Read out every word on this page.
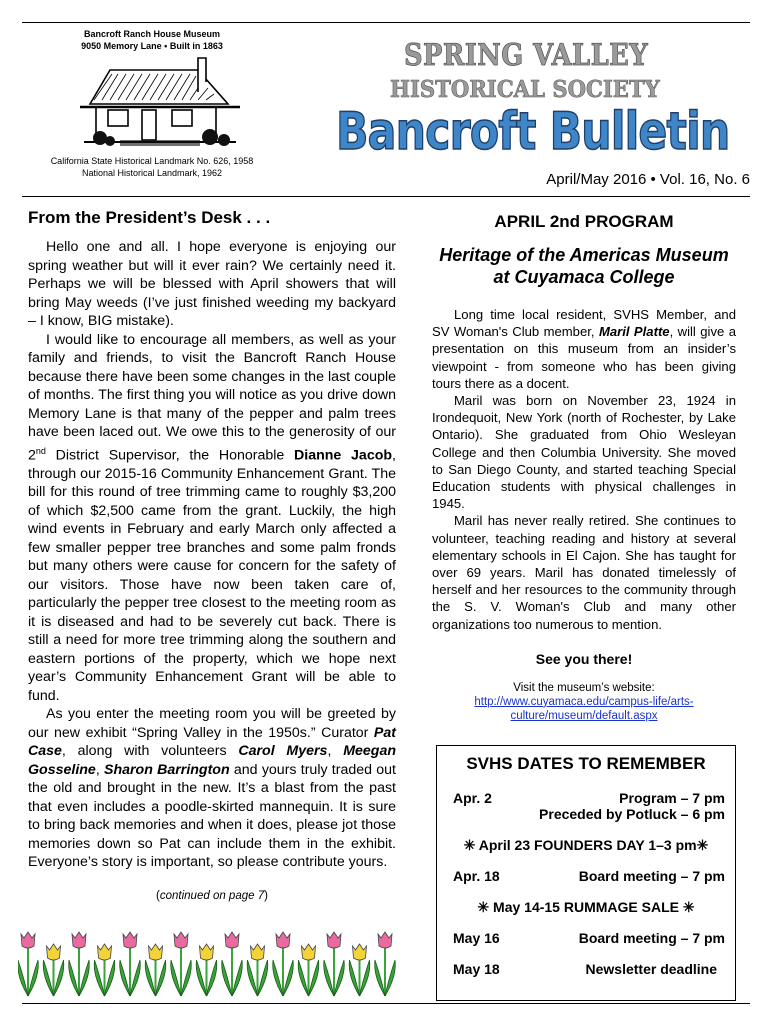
Bancroft Ranch House Museum
9050 Memory Lane • Built in 1863
California State Historical Landmark No. 626, 1958
National Historical Landmark, 1962
SPRING VALLEY
HISTORICAL SOCIETY
Bancroft Bulletin
April/May 2016 • Vol. 16, No. 6
From the President’s Desk . . .

Hello one and all. I hope everyone is enjoying our spring weather but will it ever rain? We certainly need it. Perhaps we will be blessed with April showers that will bring May weeds (I’ve just finished weeding my backyard – I know, BIG mistake).

I would like to encourage all members, as well as your family and friends, to visit the Bancroft Ranch House because there have been some changes in the last couple of months. The first thing you will notice as you drive down Memory Lane is that many of the pepper and palm trees have been laced out. We owe this to the generosity of our 2nd District Supervisor, the Honorable Dianne Jacob, through our 2015-16 Community Enhancement Grant. The bill for this round of tree trimming came to roughly $3,200 of which $2,500 came from the grant. Luckily, the high wind events in February and early March only affected a few smaller pepper tree branches and some palm fronds but many others were cause for concern for the safety of our visitors. Those have now been taken care of, particularly the pepper tree closest to the meeting room as it is diseased and had to be severely cut back. There is still a need for more tree trimming along the southern and eastern portions of the property, which we hope next year’s Community Enhancement Grant will be able to fund.

As you enter the meeting room you will be greeted by our new exhibit “Spring Valley in the 1950s.” Curator Pat Case, along with volunteers Carol Myers, Meegan Gosseline, Sharon Barrington and yours truly traded out the old and brought in the new. It’s a blast from the past that even includes a poodle-skirted mannequin. It is sure to bring back memories and when it does, please jot those memories down so Pat can include them in the exhibit. Everyone’s story is important, so please contribute yours.

(continued on page 7)
APRIL 2nd PROGRAM
Heritage of the Americas Museum
at Cuyamaca College

Long time local resident, SVHS Member, and SV Woman's Club member, Maril Platte, will give a presentation on this museum from an insider’s viewpoint - from someone who has been giving tours there as a docent.

Maril was born on November 23, 1924 in Irondequoit, New York (north of Rochester, by Lake Ontario). She graduated from Ohio Wesleyan College and then Columbia University. She moved to San Diego County, and started teaching Special Education students with physical challenges in 1945.

Maril has never really retired. She continues to volunteer, teaching reading and history at several elementary schools in El Cajon. She has taught for over 69 years. Maril has donated timelessly of herself and her resources to the community through the S. V. Woman's Club and many other organizations too numerous to mention.

See you there!
Visit the museum’s website:
http://www.cuyamaca.edu/campus-life/arts-
culture/museum/default.aspx
SVHS DATES TO REMEMBER
Apr. 2	Program – 7 pm
Preceded by Potluck – 6 pm
✳ April 23 FOUNDERS DAY 1–3 pm✳
Apr. 18	Board meeting – 7 pm
✳ May 14-15 RUMMAGE SALE ✳
May 16	Board meeting – 7 pm
May 18	Newsletter deadline
